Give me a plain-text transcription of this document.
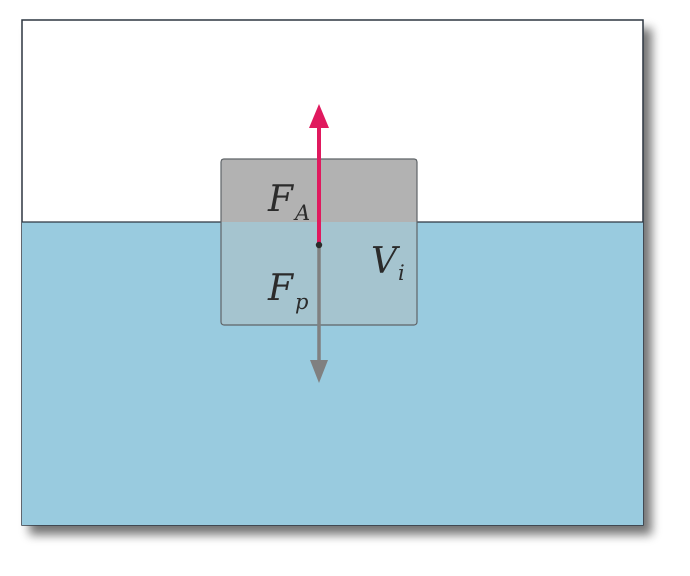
$F_A$
$F_p$
Vi
